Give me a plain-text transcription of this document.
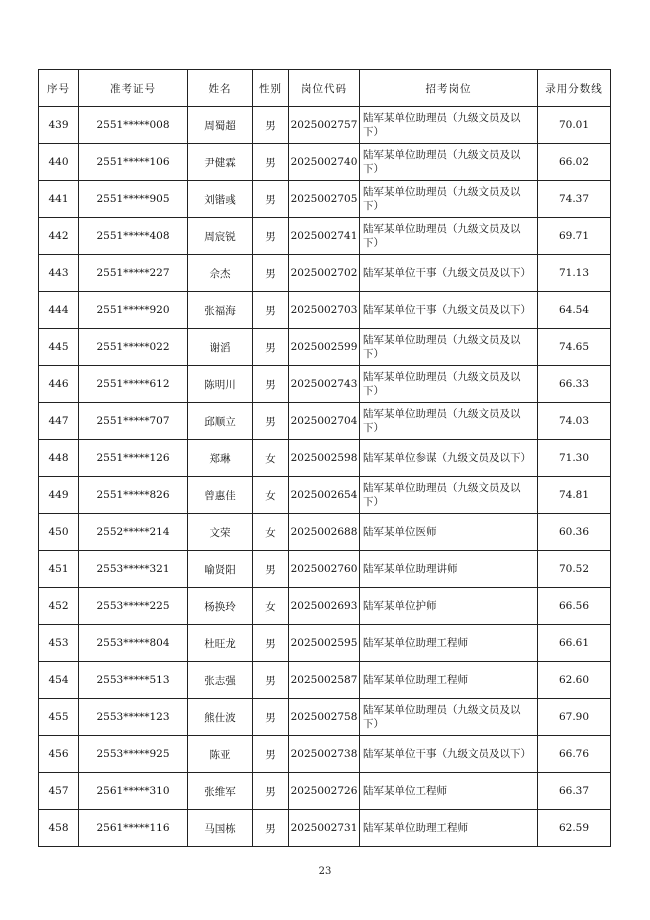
序号	准考证号	姓名	性别	岗位代码	招考岗位	录用分数线
439	2551*****008	周蜀超	男	2025002757	陆军某单位助理员（九级文员及以下）	70.01
440	2551*****106	尹健霖	男	2025002740	陆军某单位助理员（九级文员及以下）	66.02
441	2551*****905	刘锴彧	男	2025002705	陆军某单位助理员（九级文员及以下）	74.37
442	2551*****408	周宸锐	男	2025002741	陆军某单位助理员（九级文员及以下）	69.71
443	2551*****227	佘杰	男	2025002702	陆军某单位干事（九级文员及以下）	71.13
444	2551*****920	张福海	男	2025002703	陆军某单位干事（九级文员及以下）	64.54
445	2551*****022	谢滔	男	2025002599	陆军某单位助理员（九级文员及以下）	74.65
446	2551*****612	陈明川	男	2025002743	陆军某单位助理员（九级文员及以下）	66.33
447	2551*****707	邱顺立	男	2025002704	陆军某单位助理员（九级文员及以下）	74.03
448	2551*****126	郑琳	女	2025002598	陆军某单位参谋（九级文员及以下）	71.30
449	2551*****826	曾惠佳	女	2025002654	陆军某单位助理员（九级文员及以下）	74.81
450	2552*****214	文荣	女	2025002688	陆军某单位医师	60.36
451	2553*****321	喻贤阳	男	2025002760	陆军某单位助理讲师	70.52
452	2553*****225	杨换玲	女	2025002693	陆军某单位护师	66.56
453	2553*****804	杜旺龙	男	2025002595	陆军某单位助理工程师	66.61
454	2553*****513	张志强	男	2025002587	陆军某单位助理工程师	62.60
455	2553*****123	熊仕波	男	2025002758	陆军某单位助理员（九级文员及以下）	67.90
456	2553*****925	陈亚	男	2025002738	陆军某单位干事（九级文员及以下）	66.76
457	2561*****310	张维军	男	2025002726	陆军某单位工程师	66.37
458	2561*****116	马国栋	男	2025002731	陆军某单位助理工程师	62.59
23
